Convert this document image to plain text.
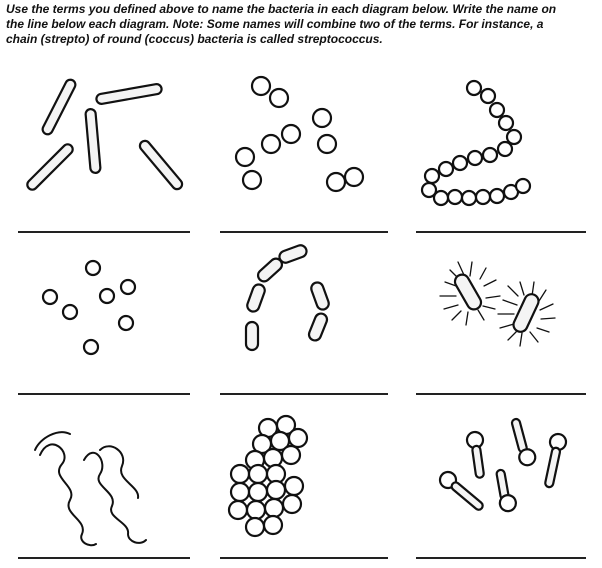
Use the terms you defined above to name the bacteria in each diagram below. Write the name on
the line below each diagram. Note: Some names will combine two of the terms. For instance, a
chain (strepto) of round (coccus) bacteria is called streptococcus.
